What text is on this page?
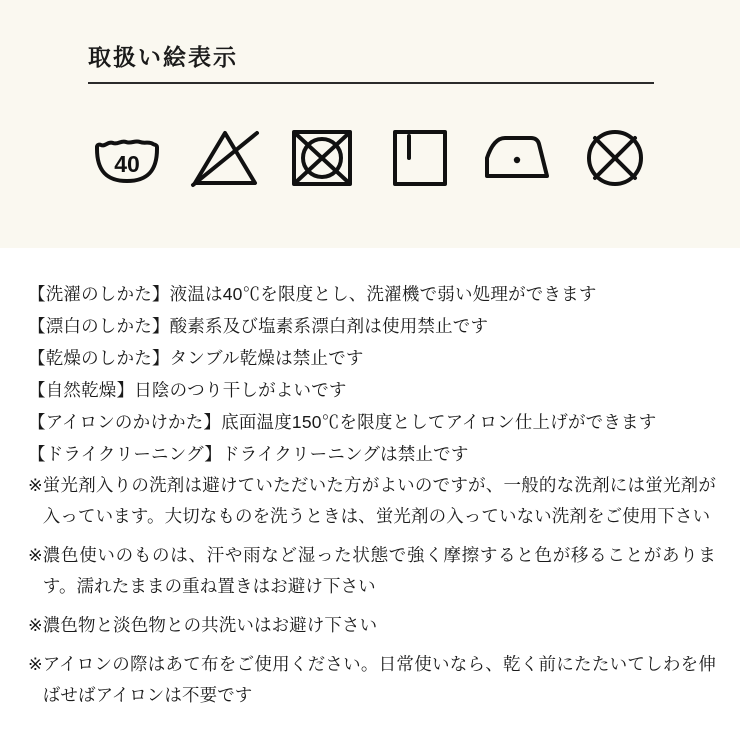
取扱い絵表示
40
【洗濯のしかた】液温は40℃を限度とし、洗濯機で弱い処理ができます
【漂白のしかた】酸素系及び塩素系漂白剤は使用禁止です
【乾燥のしかた】タンブル乾燥は禁止です
【自然乾燥】日陰のつり干しがよいです
【アイロンのかけかた】底面温度150℃を限度としてアイロン仕上げができます
【ドライクリーニング】ドライクリーニングは禁止です
※ 蛍光剤入りの洗剤は避けていただいた方がよいのですが、一般的な洗剤には蛍光剤が入っています。大切なものを洗うときは、蛍光剤の入っていない洗剤をご使用下さい
※ 濃色使いのものは、汗や雨など湿った状態で強く摩擦すると色が移ることがあります。濡れたままの重ね置きはお避け下さい
※ 濃色物と淡色物との共洗いはお避け下さい
※ アイロンの際はあて布をご使用ください。日常使いなら、乾く前にたたいてしわを伸ばせばアイロンは不要です
